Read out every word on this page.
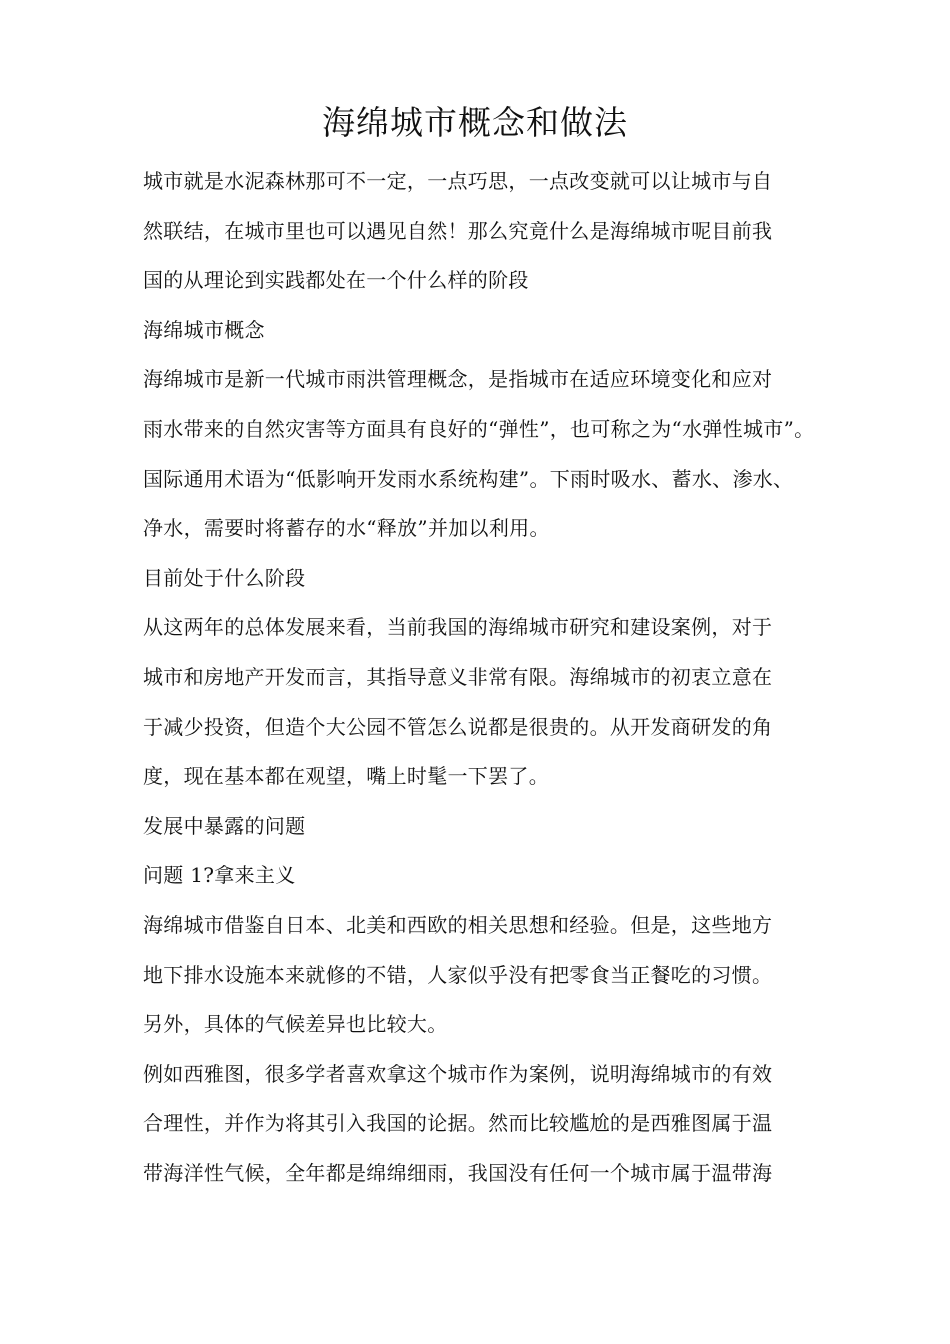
海绵城市概念和做法

城市就是水泥森林那可不一定，一点巧思，一点改变就可以让城市与自

然联结，在城市里也可以遇见自然！那么究竟什么是海绵城市呢目前我

国的从理论到实践都处在一个什么样的阶段

海绵城市概念

海绵城市是新一代城市雨洪管理概念，是指城市在适应环境变化和应对

雨水带来的自然灾害等方面具有良好的“弹性”，也可称之为“水弹性城市”。

国际通用术语为“低影响开发雨水系统构建”。下雨时吸水、蓄水、渗水、

净水，需要时将蓄存的水“释放”并加以利用。

目前处于什么阶段

从这两年的总体发展来看，当前我国的海绵城市研究和建设案例，对于

城市和房地产开发而言，其指导意义非常有限。海绵城市的初衷立意在

于减少投资，但造个大公园不管怎么说都是很贵的。从开发商研发的角

度，现在基本都在观望，嘴上时髦一下罢了。

发展中暴露的问题

问题 1?拿来主义

海绵城市借鉴自日本、北美和西欧的相关思想和经验。但是，这些地方

地下排水设施本来就修的不错，人家似乎没有把零食当正餐吃的习惯。

另外，具体的气候差异也比较大。

例如西雅图，很多学者喜欢拿这个城市作为案例，说明海绵城市的有效

合理性，并作为将其引入我国的论据。然而比较尴尬的是西雅图属于温

带海洋性气候，全年都是绵绵细雨，我国没有任何一个城市属于温带海
